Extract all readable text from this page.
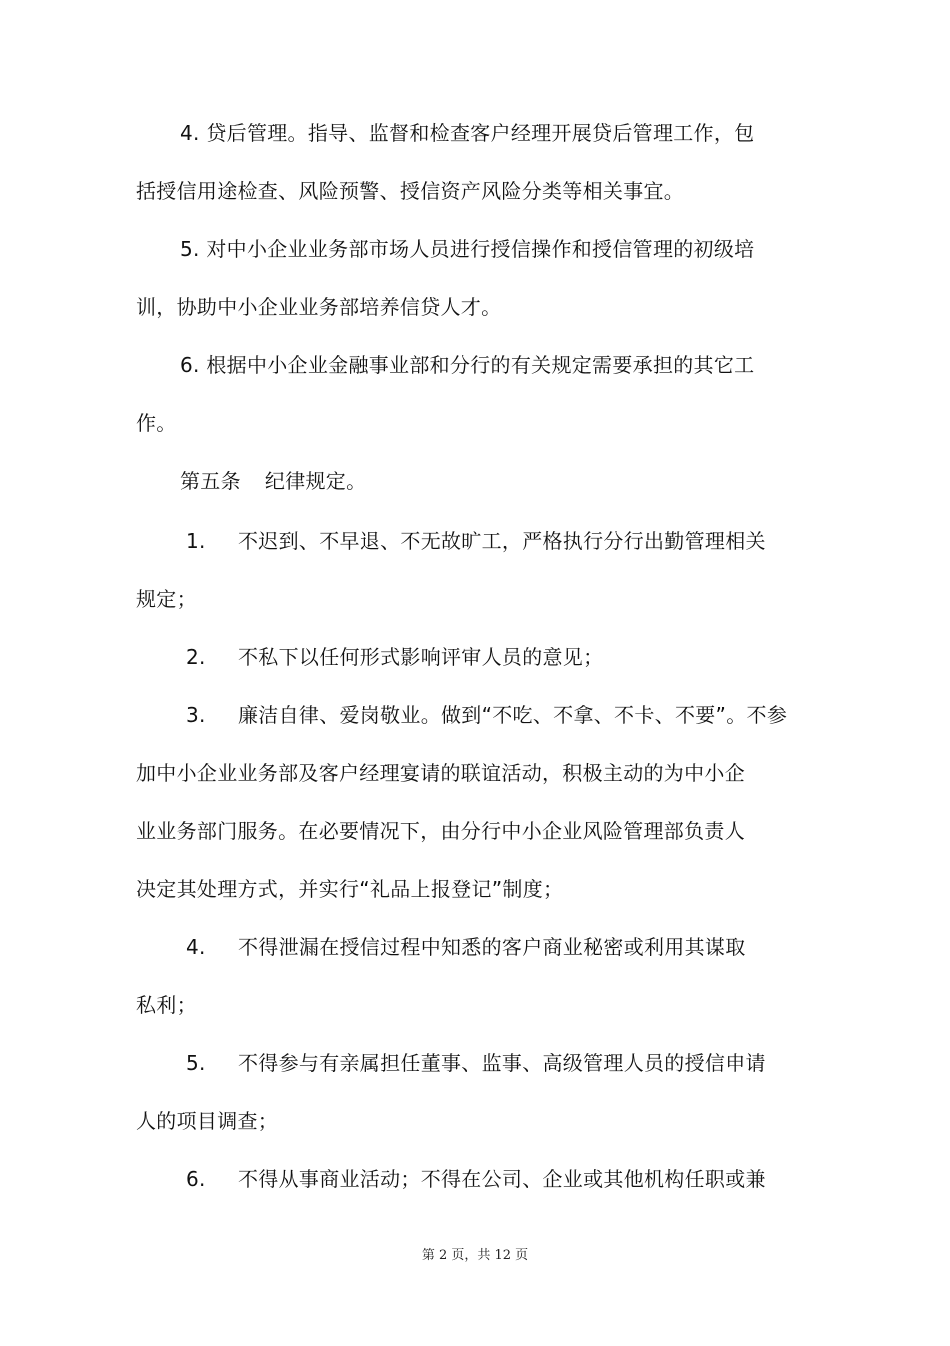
4. 贷后管理。指导、监督和检查客户经理开展贷后管理工作，包
括授信用途检查、风险预警、授信资产风险分类等相关事宜。
5. 对中小企业业务部市场人员进行授信操作和授信管理的初级培
训，协助中小企业业务部培养信贷人才。
6. 根据中小企业金融事业部和分行的有关规定需要承担的其它工
作。
第五条 纪律规定。
1. 不迟到、不早退、不无故旷工，严格执行分行出勤管理相关
规定；
2. 不私下以任何形式影响评审人员的意见；
3. 廉洁自律、爱岗敬业。做到“不吃、不拿、不卡、不要”。不参
加中小企业业务部及客户经理宴请的联谊活动，积极主动的为中小企
业业务部门服务。在必要情况下，由分行中小企业风险管理部负责人
决定其处理方式，并实行“礼品上报登记”制度；
4. 不得泄漏在授信过程中知悉的客户商业秘密或利用其谋取
私利；
5. 不得参与有亲属担任董事、监事、高级管理人员的授信申请
人的项目调查；
6. 不得从事商业活动；不得在公司、企业或其他机构任职或兼
第 2 页，共 12 页
